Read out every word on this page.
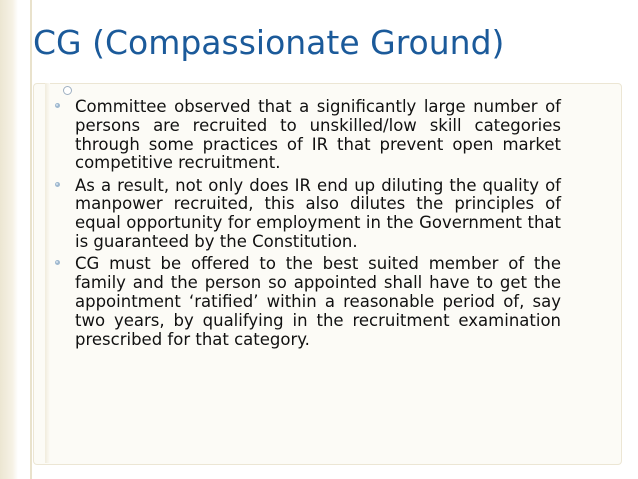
CG (Compassionate Ground)
Committee observed that a significantly large number of persons are recruited to unskilled/low skill categories through some practices of IR that prevent open market competitive recruitment.
As a result, not only does IR end up diluting the quality of manpower recruited, this also dilutes the principles of equal opportunity for employment in the Government that is guaranteed by the Constitution.
CG must be offered to the best suited member of the family and the person so appointed shall have to get the appointment ‘ratified’ within a reasonable period of, say two years, by qualifying in the recruitment examination prescribed for that category.
